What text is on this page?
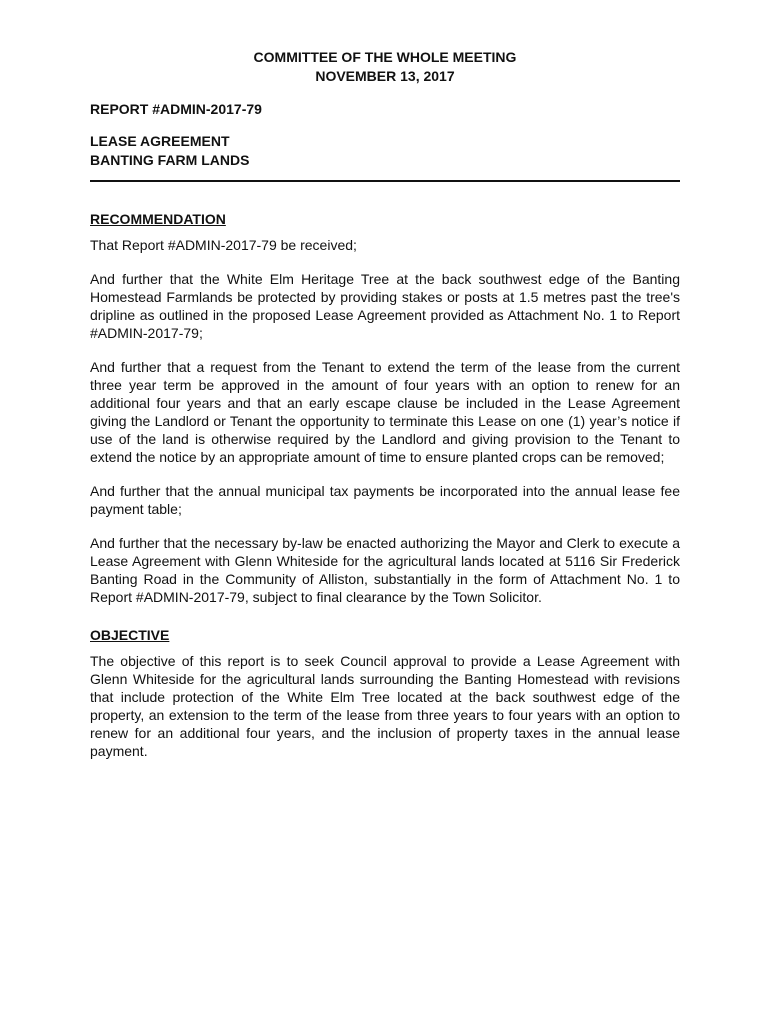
COMMITTEE OF THE WHOLE MEETING
NOVEMBER 13, 2017
REPORT #ADMIN-2017-79
LEASE AGREEMENT
BANTING FARM LANDS
RECOMMENDATION

That Report #ADMIN-2017-79 be received;

And further that the White Elm Heritage Tree at the back southwest edge of the Banting Homestead Farmlands be protected by providing stakes or posts at 1.5 metres past the tree's dripline as outlined in the proposed Lease Agreement provided as Attachment No. 1 to Report #ADMIN-2017-79;

And further that a request from the Tenant to extend the term of the lease from the current three year term be approved in the amount of four years with an option to renew for an additional four years and that an early escape clause be included in the Lease Agreement giving the Landlord or Tenant the opportunity to terminate this Lease on one (1) year’s notice if use of the land is otherwise required by the Landlord and giving provision to the Tenant to extend the notice by an appropriate amount of time to ensure planted crops can be removed;

And further that the annual municipal tax payments be incorporated into the annual lease fee payment table;

And further that the necessary by-law be enacted authorizing the Mayor and Clerk to execute a Lease Agreement with Glenn Whiteside for the agricultural lands located at 5116 Sir Frederick Banting Road in the Community of Alliston, substantially in the form of Attachment No. 1 to Report #ADMIN-2017-79, subject to final clearance by the Town Solicitor.

OBJECTIVE

The objective of this report is to seek Council approval to provide a Lease Agreement with Glenn Whiteside for the agricultural lands surrounding the Banting Homestead with revisions that include protection of the White Elm Tree located at the back southwest edge of the property, an extension to the term of the lease from three years to four years with an option to renew for an additional four years, and the inclusion of property taxes in the annual lease payment.
